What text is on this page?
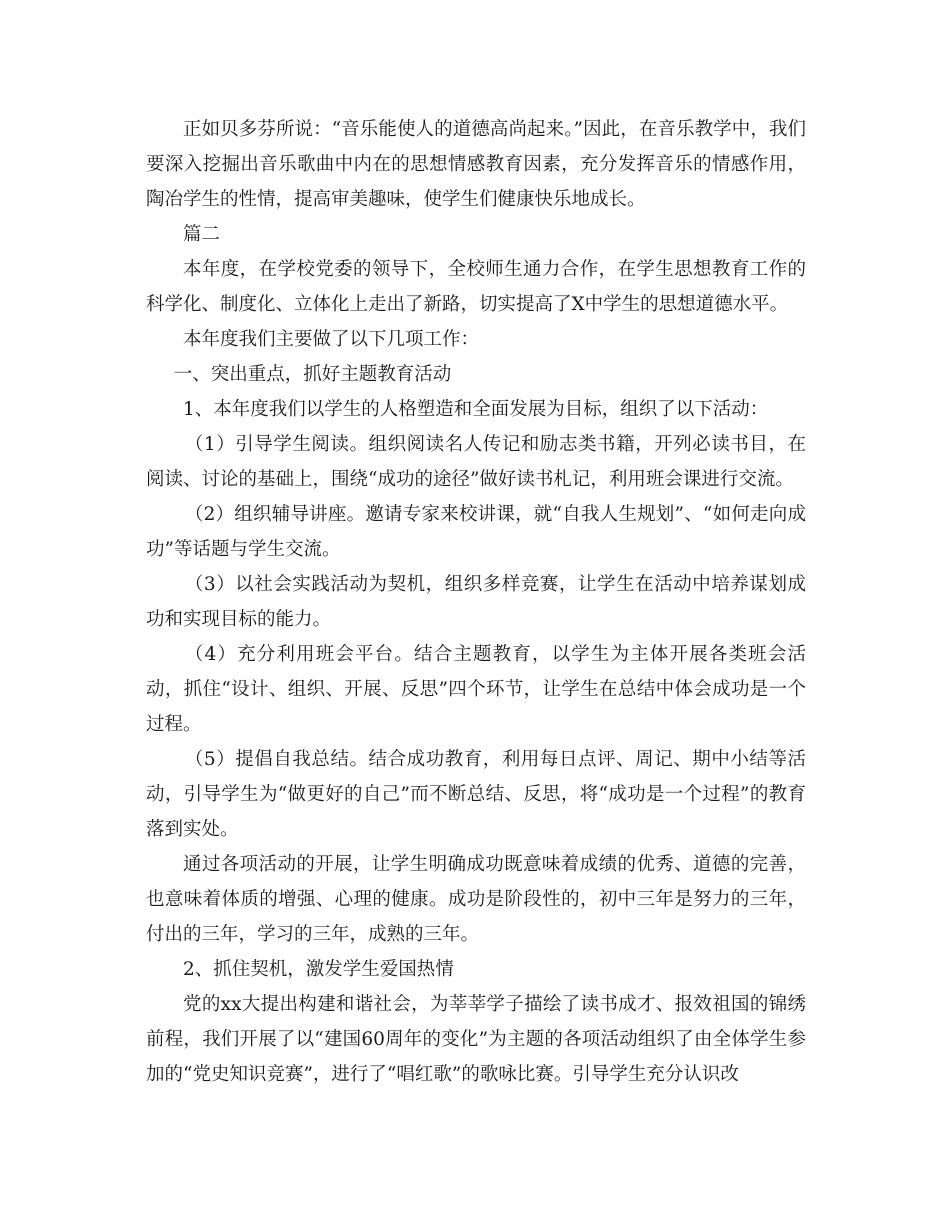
正如贝多芬所说：“音乐能使人的道德高尚起来。”因此，在音乐教学中，我们要深入挖掘出音乐歌曲中内在的思想情感教育因素，充分发挥音乐的情感作用，陶冶学生的性情，提高审美趣味，使学生们健康快乐地成长。

篇二

本年度，在学校党委的领导下，全校师生通力合作，在学生思想教育工作的科学化、制度化、立体化上走出了新路，切实提高了X中学生的思想道德水平。

本年度我们主要做了以下几项工作：

一、突出重点，抓好主题教育活动

1、本年度我们以学生的人格塑造和全面发展为目标，组织了以下活动：

（1）引导学生阅读。组织阅读名人传记和励志类书籍，开列必读书目，在阅读、讨论的基础上，围绕“成功的途径”做好读书札记，利用班会课进行交流。

（2）组织辅导讲座。邀请专家来校讲课，就“自我人生规划”、“如何走向成功”等话题与学生交流。

（3）以社会实践活动为契机，组织多样竞赛，让学生在活动中培养谋划成功和实现目标的能力。

（4）充分利用班会平台。结合主题教育，以学生为主体开展各类班会活动，抓住“设计、组织、开展、反思”四个环节，让学生在总结中体会成功是一个过程。

（5）提倡自我总结。结合成功教育，利用每日点评、周记、期中小结等活动，引导学生为“做更好的自己”而不断总结、反思，将“成功是一个过程”的教育落到实处。

通过各项活动的开展，让学生明确成功既意味着成绩的优秀、道德的完善，也意味着体质的增强、心理的健康。成功是阶段性的，初中三年是努力的三年，付出的三年，学习的三年，成熟的三年。

2、抓住契机，激发学生爱国热情

党的xx大提出构建和谐社会，为莘莘学子描绘了读书成才、报效祖国的锦绣前程，我们开展了以“建国60周年的变化”为主题的各项活动组织了由全体学生参加的“党史知识竞赛”，进行了“唱红歌”的歌咏比赛。引导学生充分认识改
